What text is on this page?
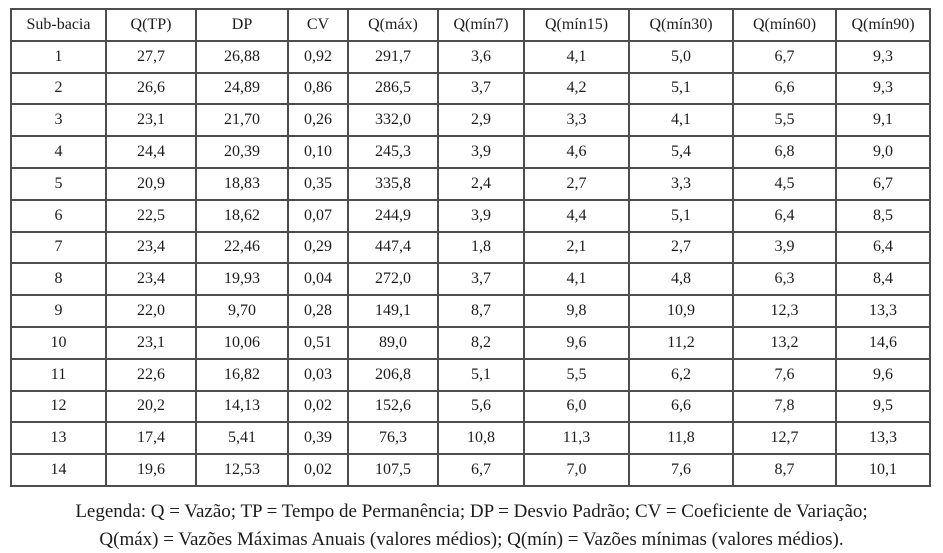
Sub-bacia	Q(TP)	DP	CV	Q(máx)	Q(mín7)	Q(mín15)	Q(mín30)	Q(mín60)	Q(mín90)
1	27,7	26,88	0,92	291,7	3,6	4,1	5,0	6,7	9,3
2	26,6	24,89	0,86	286,5	3,7	4,2	5,1	6,6	9,3
3	23,1	21,70	0,26	332,0	2,9	3,3	4,1	5,5	9,1
4	24,4	20,39	0,10	245,3	3,9	4,6	5,4	6,8	9,0
5	20,9	18,83	0,35	335,8	2,4	2,7	3,3	4,5	6,7
6	22,5	18,62	0,07	244,9	3,9	4,4	5,1	6,4	8,5
7	23,4	22,46	0,29	447,4	1,8	2,1	2,7	3,9	6,4
8	23,4	19,93	0,04	272,0	3,7	4,1	4,8	6,3	8,4
9	22,0	9,70	0,28	149,1	8,7	9,8	10,9	12,3	13,3
10	23,1	10,06	0,51	89,0	8,2	9,6	11,2	13,2	14,6
11	22,6	16,82	0,03	206,8	5,1	5,5	6,2	7,6	9,6
12	20,2	14,13	0,02	152,6	5,6	6,0	6,6	7,8	9,5
13	17,4	5,41	0,39	76,3	10,8	11,3	11,8	12,7	13,3
14	19,6	12,53	0,02	107,5	6,7	7,0	7,6	8,7	10,1
Legenda: Q = Vazão; TP = Tempo de Permanência; DP = Desvio Padrão; CV = Coeficiente de Variação;
Q(máx) = Vazões Máximas Anuais (valores médios); Q(mín) = Vazões mínimas (valores médios).
